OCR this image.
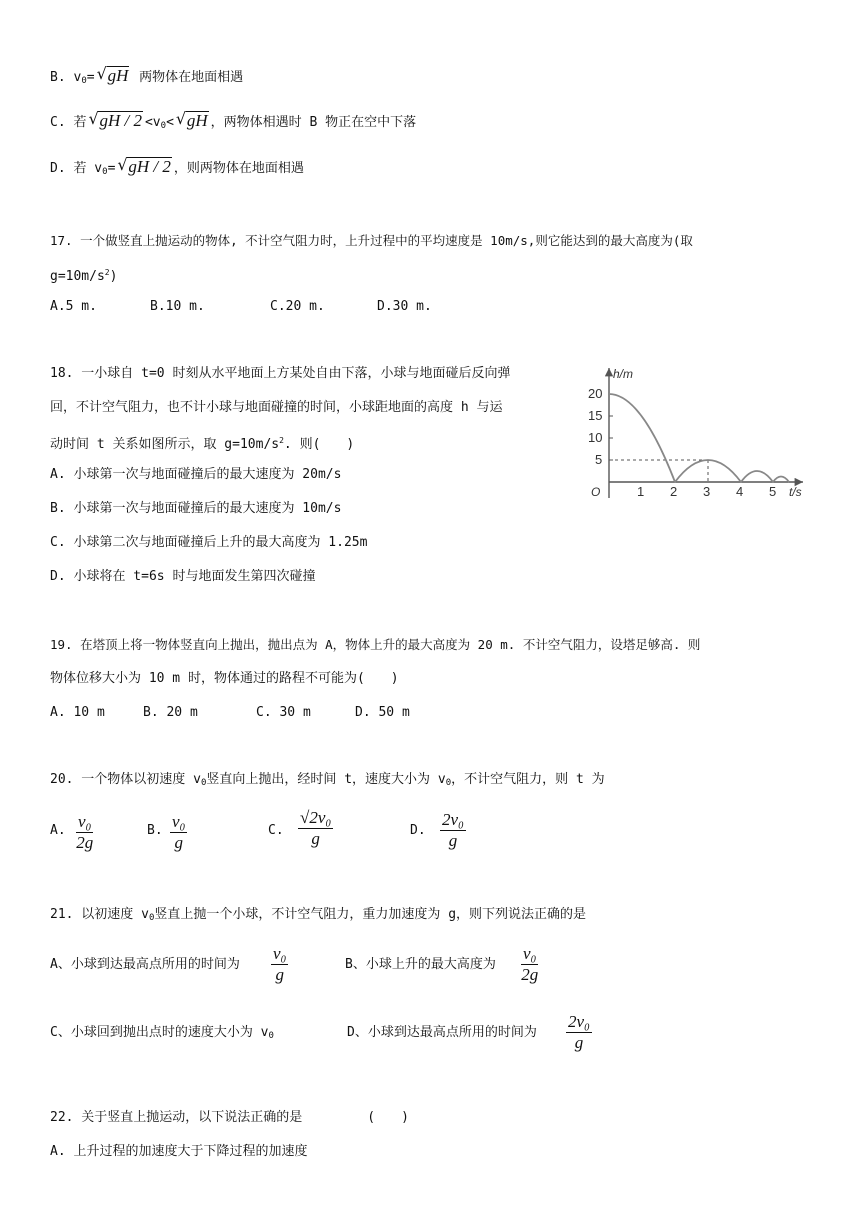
B. $v_0=$ √ gH 两物体在地面相遇
C. 若 √ gH / $2 <v_0<$ √ gH ，两物体相遇时 B 物正在空中下落
D. 若 $v_0=$ √ gH / 2 ，则两物体在地面相遇
17. 一个做竖直上抛运动的物体, 不计空气阻力时，上升过程中的平均速度是 10m/s,则它能达到的最大高度为(取
$g=10m/s^2$)
A.5 m.	B.10 m.	C.20 m.	D.30 m.
18. 一小球自 t=0 时刻从水平地面上方某处自由下落，小球与地面碰后反向弹
回，不计空气阻力，也不计小球与地面碰撞的时间，小球距地面的高度 h 与运
动时间 t 关系如图所示，取 $g=10m/s^2$. 则(　　)
A. 小球第一次与地面碰撞后的最大速度为 20m/s
B. 小球第一次与地面碰撞后的最大速度为 10m/s
C. 小球第二次与地面碰撞后上升的最大高度为 1.25m
D. 小球将在 t=6s 时与地面发生第四次碰撞
h/m
t/s
O
20
15
10
5
1 2 3 4 5
19. 在塔顶上将一物体竖直向上抛出，抛出点为 A，物体上升的最大高度为 20 m. 不计空气阻力，设塔足够高. 则
物体位移大小为 10 m 时，物体通过的路程不可能为(　　)
A. 10 m	B. 20 m	C. 30 m	D. 50 m
20. 一个物体以初速度 $v_0$竖直向上抛出，经时间 t，速度大小为 $v_0$，不计空气阻力，则 t 为
A. $\frac{\text{v₀}}{2g}$	B. $\frac{\text{v₀}}{g}$	C. $\frac{\text{√2v₀}}{g}$	D. $\frac{\text{2v₀}}{g}$
21. 以初速度 $v_0$竖直上抛一个小球，不计空气阻力，重力加速度为 g，则下列说法正确的是
A、小球到达最高点所用的时间为 $\frac{\text{v₀}}{g}$	B、小球上升的最大高度为 $\frac{\text{v₀}}{2g}$
C、小球回到抛出点时的速度大小为 $v_0$	D、小球到达最高点所用的时间为 $\frac{\text{2v₀}}{g}$
22. 关于竖直上抛运动，以下说法正确的是　　　　　(　　)
A. 上升过程的加速度大于下降过程的加速度
